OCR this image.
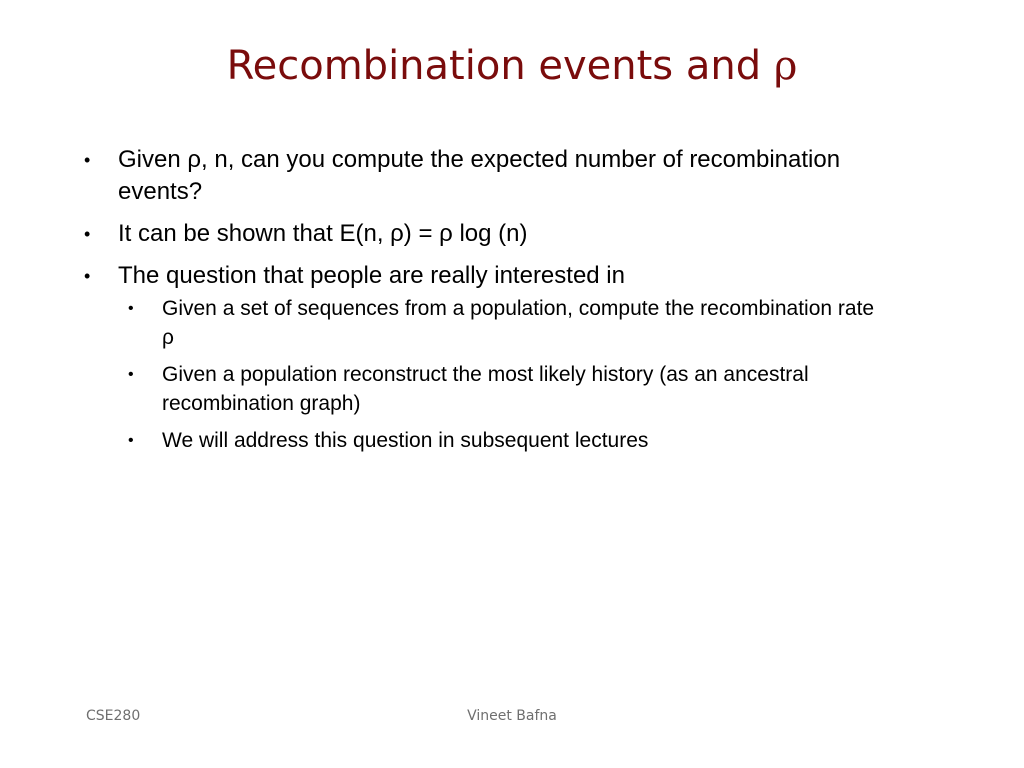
Recombination events and ρ
• Given ρ, n, can you compute the expected number of recombination events?
• It can be shown that E(n, ρ) = ρ log (n)
• The question that people are really interested in
• Given a set of sequences from a population, compute the recombination rate ρ
• Given a population reconstruct the most likely history (as an ancestral recombination graph)
• We will address this question in subsequent lectures
CSE280	Vineet Bafna
